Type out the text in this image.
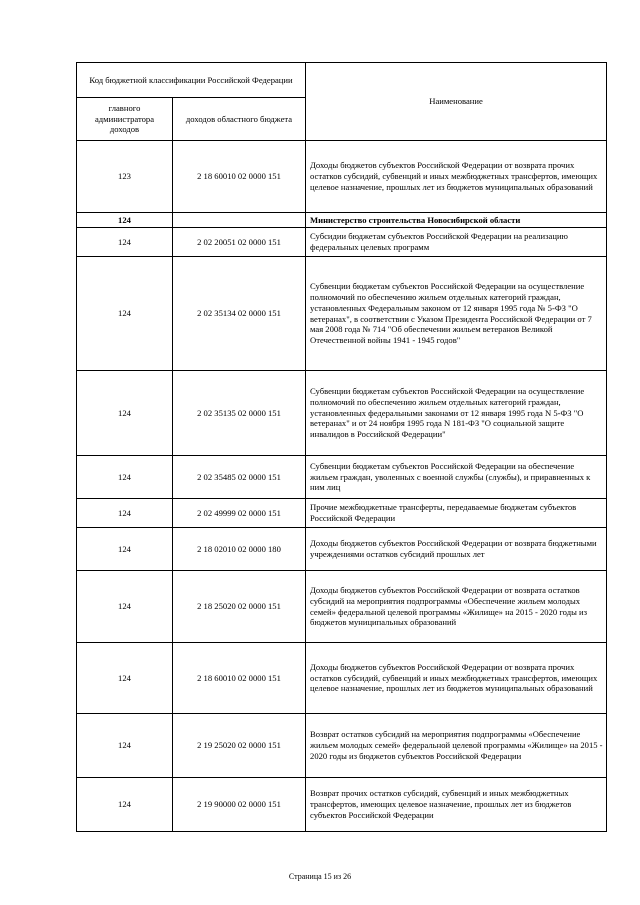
Код бюджетной классификации Российской Федерации		Наименование
главного администратора доходов	доходов областного бюджета	
123	2 18 60010 02 0000 151	Доходы бюджетов субъектов Российской Федерации от возврата прочих остатков субсидий, субвенций и иных межбюджетных трансфертов, имеющих целевое назначение, прошлых лет из бюджетов муниципальных образований
124		Министерство строительства Новосибирской области
124	2 02 20051 02 0000 151	Субсидии бюджетам субъектов Российской Федерации на реализацию федеральных целевых программ
124	2 02 35134 02 0000 151	Субвенции бюджетам субъектов Российской Федерации на осуществление полномочий по обеспечению жильем отдельных категорий граждан, установленных Федеральным законом от 12 января 1995 года № 5-ФЗ "О ветеранах", в соответствии с Указом Президента Российской Федерации от 7 мая 2008 года № 714 "Об обеспечении жильем ветеранов Великой Отечественной войны 1941 - 1945 годов"
124	2 02 35135 02 0000 151	Субвенции бюджетам субъектов Российской Федерации на осуществление полномочий по обеспечению жильем отдельных категорий граждан, установленных федеральными законами от 12 января 1995 года N 5-ФЗ "О ветеранах" и от 24 ноября 1995 года N 181-ФЗ "О социальной защите инвалидов в Российской Федерации"
124	2 02 35485 02 0000 151	Субвенции бюджетам субъектов Российской Федерации на обеспечение жильем граждан, уволенных с военной службы (службы), и приравненных к ним лиц
124	2 02 49999 02 0000 151	Прочие межбюджетные трансферты, передаваемые бюджетам субъектов Российской Федерации
124	2 18 02010 02 0000 180	Доходы бюджетов субъектов Российской Федерации от возврата бюджетными учреждениями остатков субсидий прошлых лет
124	2 18 25020 02 0000 151	Доходы бюджетов субъектов Российской Федерации от возврата остатков субсидий на мероприятия подпрограммы «Обеспечение жильем молодых семей» федеральной целевой программы «Жилище» на 2015 - 2020 годы из бюджетов муниципальных образований
124	2 18 60010 02 0000 151	Доходы бюджетов субъектов Российской Федерации от возврата прочих остатков субсидий, субвенций и иных межбюджетных трансфертов, имеющих целевое назначение, прошлых лет из бюджетов муниципальных образований
124	2 19 25020 02 0000 151	Возврат остатков субсидий на мероприятия подпрограммы «Обеспечение жильем молодых семей» федеральной целевой программы «Жилище» на 2015 - 2020 годы из бюджетов субъектов Российской Федерации
124	2 19 90000 02 0000 151	Возврат прочих остатков субсидий, субвенций и иных межбюджетных трансфертов, имеющих целевое назначение, прошлых лет из бюджетов субъектов Российской Федерации
Страница 15 из 26
